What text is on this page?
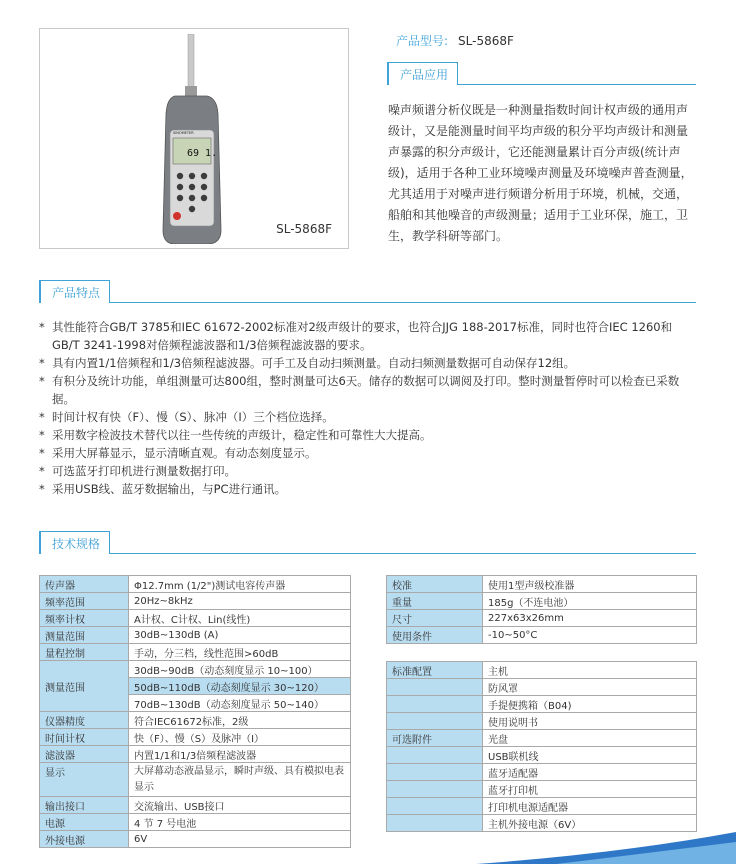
SINOMETER
69 1.
SL-5868F
产品型号: SL-5868F
产品应用
噪声频谱分析仪既是一种测量指数时间计权声级的通用声级计，又是能测量时间平均声级的积分平均声级计和测量声暴露的积分声级计，它还能测量累计百分声级(统计声级)，适用于各种工业环境噪声测量及环境噪声普查测量，尤其适用于对噪声进行频谱分析用于环境，机械，交通，船舶和其他噪音的声级测量；适用于工业环保，施工，卫生，教学科研等部门。
产品特点
* 其性能符合GB/T 3785和IEC 61672-2002标准对2级声级计的要求，也符合JJG 188-2017标准，同时也符合IEC 1260和GB/T 3241-1998对倍频程滤波器和1/3倍频程滤波器的要求。
* 具有内置1/1倍频程和1/3倍频程滤波器。可手工及自动扫频测量。自动扫频测量数据可自动保存12组。
* 有积分及统计功能，单组测量可达800组，整时测量可达6天。储存的数据可以调阅及打印。整时测量暂停时可以检查已采数据。
* 时间计权有快（F）、慢（S）、脉冲（I）三个档位选择。
* 采用数字检波技术替代以往一些传统的声级计，稳定性和可靠性大大提高。
* 采用大屏幕显示，显示清晰直观。有动态刻度显示。
* 可选蓝牙打印机进行测量数据打印。
* 采用USB线、蓝牙数据输出，与PC进行通讯。
技术规格
传声器	Φ12.7mm (1/2")测试电容传声器
频率范围	20Hz~8kHz
频率计权	A计权、C计权、Lin(线性)
测量范围	30dB~130dB (A)
量程控制	手动，分三档，线性范围>60dB
测量范围	30dB~90dB（动态刻度显示 10~100）
	50dB~110dB（动态刻度显示 30~120）
	70dB~130dB（动态刻度显示 50~140）
仪器精度	符合IEC61672标准，2级
时间计权	快（F）、慢（S）及脉冲（I）
滤波器	内置1/1和1/3倍频程滤波器
显示	大屏幕动态液晶显示，瞬时声级、具有模拟电表显示
输出接口	交流输出、USB接口
电源	4 节 7 号电池
外接电源	6V
校准	使用1型声级校准器
重量	185g（不连电池）
尺寸	227x63x26mm
使用条件	-10~50°C
标准配置	主机
	防风罩
	手提便携箱（B04)
	使用说明书
可选附件	光盘
	USB联机线
	蓝牙适配器
	蓝牙打印机
	打印机电源适配器
	主机外接电源（6V）
